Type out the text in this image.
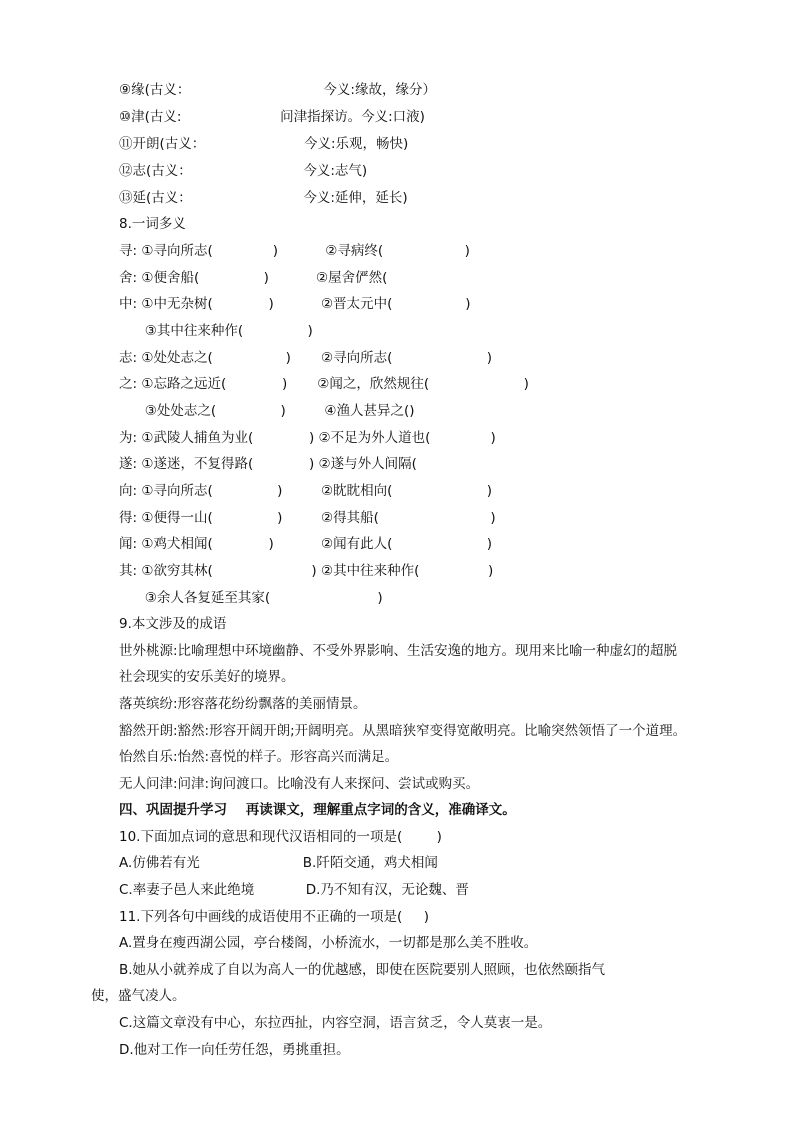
⑨缘(古义：                               今义:缘故，缘分）
⑩津(古义:                       问津指探访。今义:口液)
⑪开朗(古义：                       今义:乐观，畅快)
⑫志(古义：                          今义:志气)
⑬延(古义：                          今义:延伸，延长)
8.一词多义
寻: ①寻向所志(              )           ②寻病终(                   )
舍: ①便舍船(               )           ②屋舍俨然(
中: ①中无杂树(             )           ②晋太元中(                 )
③其中往来种作(               )
志: ①处处志之(                 )       ②寻向所志(                      )
之: ①忘路之远近(             )       ②闻之，欣然规往(                      )
③处处志之(               )         ④渔人甚异之()
为: ①武陵人捕鱼为业(             ) ②不足为外人道也(              )
遂: ①遂迷，不复得路(             ) ②遂与外人间隔(
向: ①寻向所志(               )         ②眈眈相向(                      )
得: ①便得一山(               )         ②得其船(                          )
闻: ①鸡犬相闻(             )           ②闻有此人(                      )
其: ①欲穷其林(                       ) ②其中往来种作(                )
③余人各复延至其家(                         )
9.本文涉及的成语
世外桃源:比喻理想中环境幽静、不受外界影响、生活安逸的地方。现用来比喻一种虚幻的超脱
社会现实的安乐美好的境界。
落英缤纷:形容落花纷纷飘落的美丽情景。
豁然开朗:豁然:形容开阔开朗;开阔明亮。从黑暗狭窄变得宽敞明亮。比喻突然领悟了一个道理。
怡然自乐:怡然:喜悦的样子。形容高兴而满足。
无人问津:问津:询问渡口。比喻没有人来探问、尝试或购买。
四、巩固提升学习    再读课文，理解重点字词的含义，准确译文。
10.下面加点词的意思和现代汉语相同的一项是(        )
A.仿佛若有光                        B.阡陌交通，鸡犬相闻
C.率妻子邑人来此绝境            D.乃不知有汉，无论魏、晋
11.下列各句中画线的成语使用不正确的一项是(     )
A.置身在瘦西湖公园，亭台楼阁，小桥流水，一切都是那么美不胜收。
B.她从小就养成了自以为高人一的优越感，即使在医院要别人照顾，也依然颐指气
使，盛气凌人。
C.这篇文章没有中心，东拉西扯，内容空洞，语言贫乏，令人莫衷一是。
D.他对工作一向任劳任怨，勇挑重担。
